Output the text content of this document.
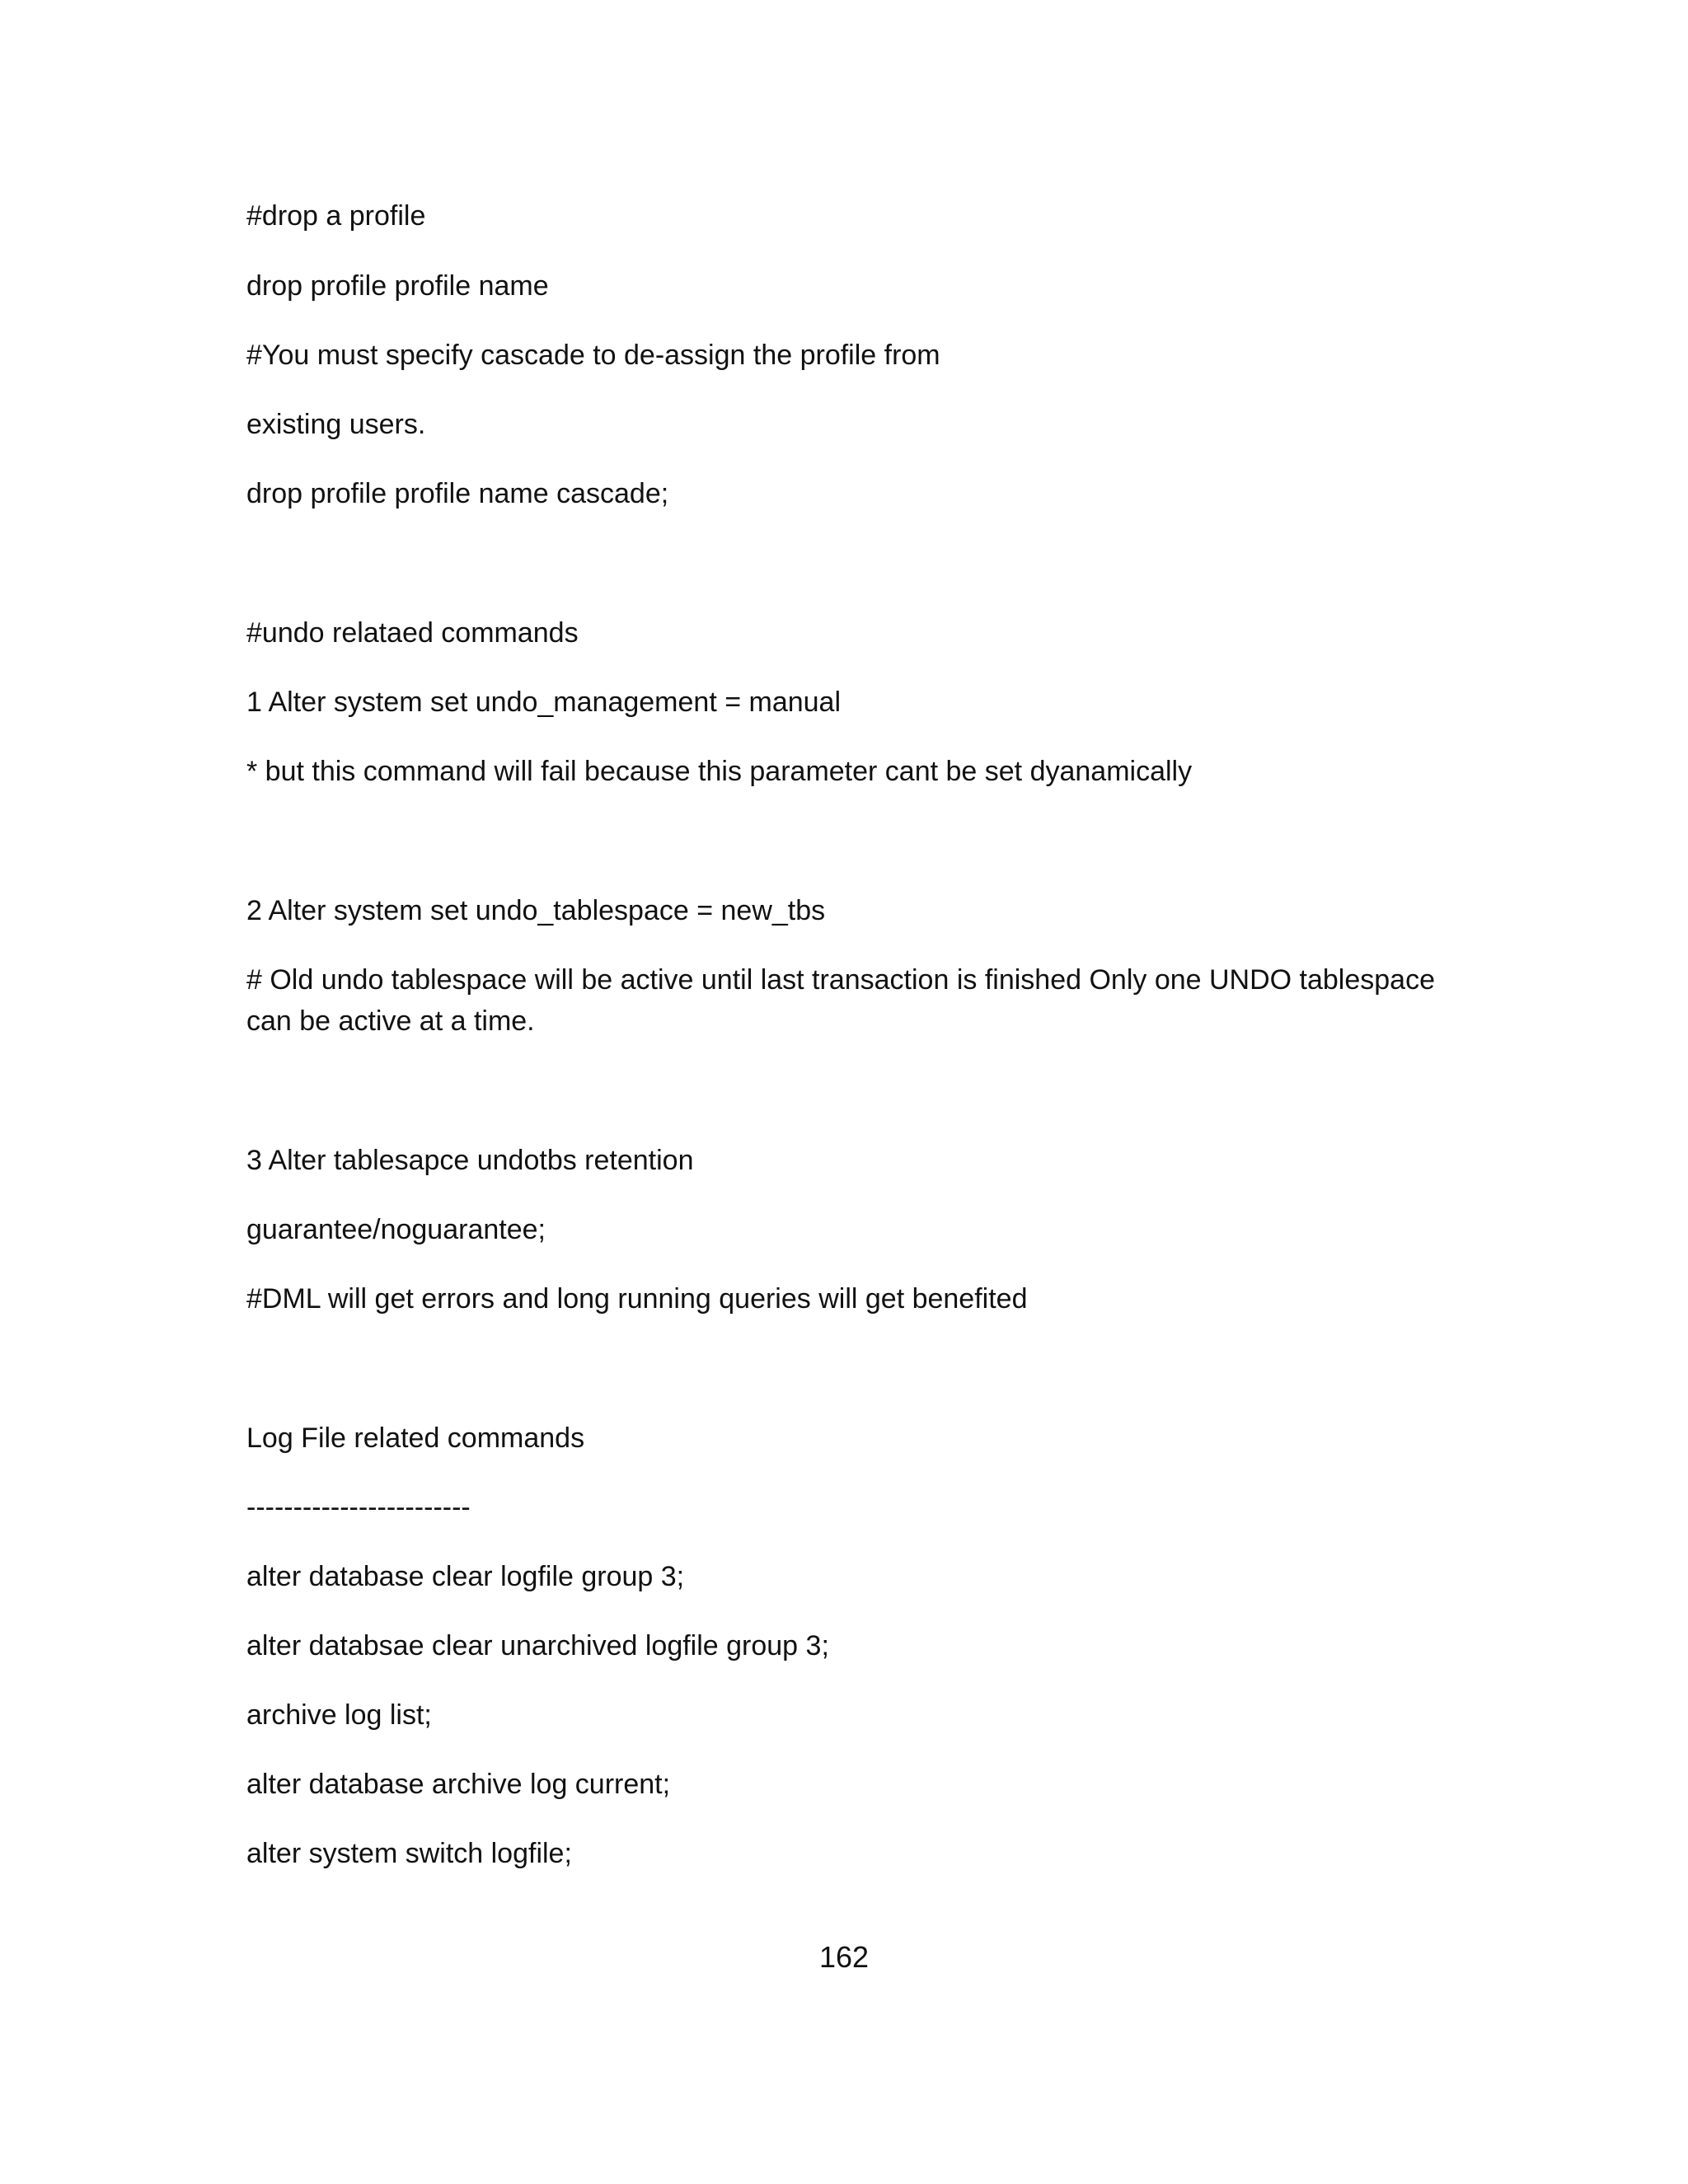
#drop a profile
drop profile profile name
#You must specify cascade to de-assign the profile from
existing users.
drop profile profile name cascade;
#undo relataed commands
1 Alter system set undo_management = manual
* but this command will fail because this parameter cant be set dyanamically
2 Alter system set undo_tablespace = new_tbs
# Old undo tablespace will be active until last transaction is finished Only one UNDO tablespace can be active at a time.
3 Alter tablesapce undotbs retention
guarantee/noguarantee;
#DML will get errors and long running queries will get benefited
Log File related commands
------------------------
alter database clear logfile group 3;
alter databsae clear unarchived logfile group 3;
archive log list;
alter database archive log current;
alter system switch logfile;
162
